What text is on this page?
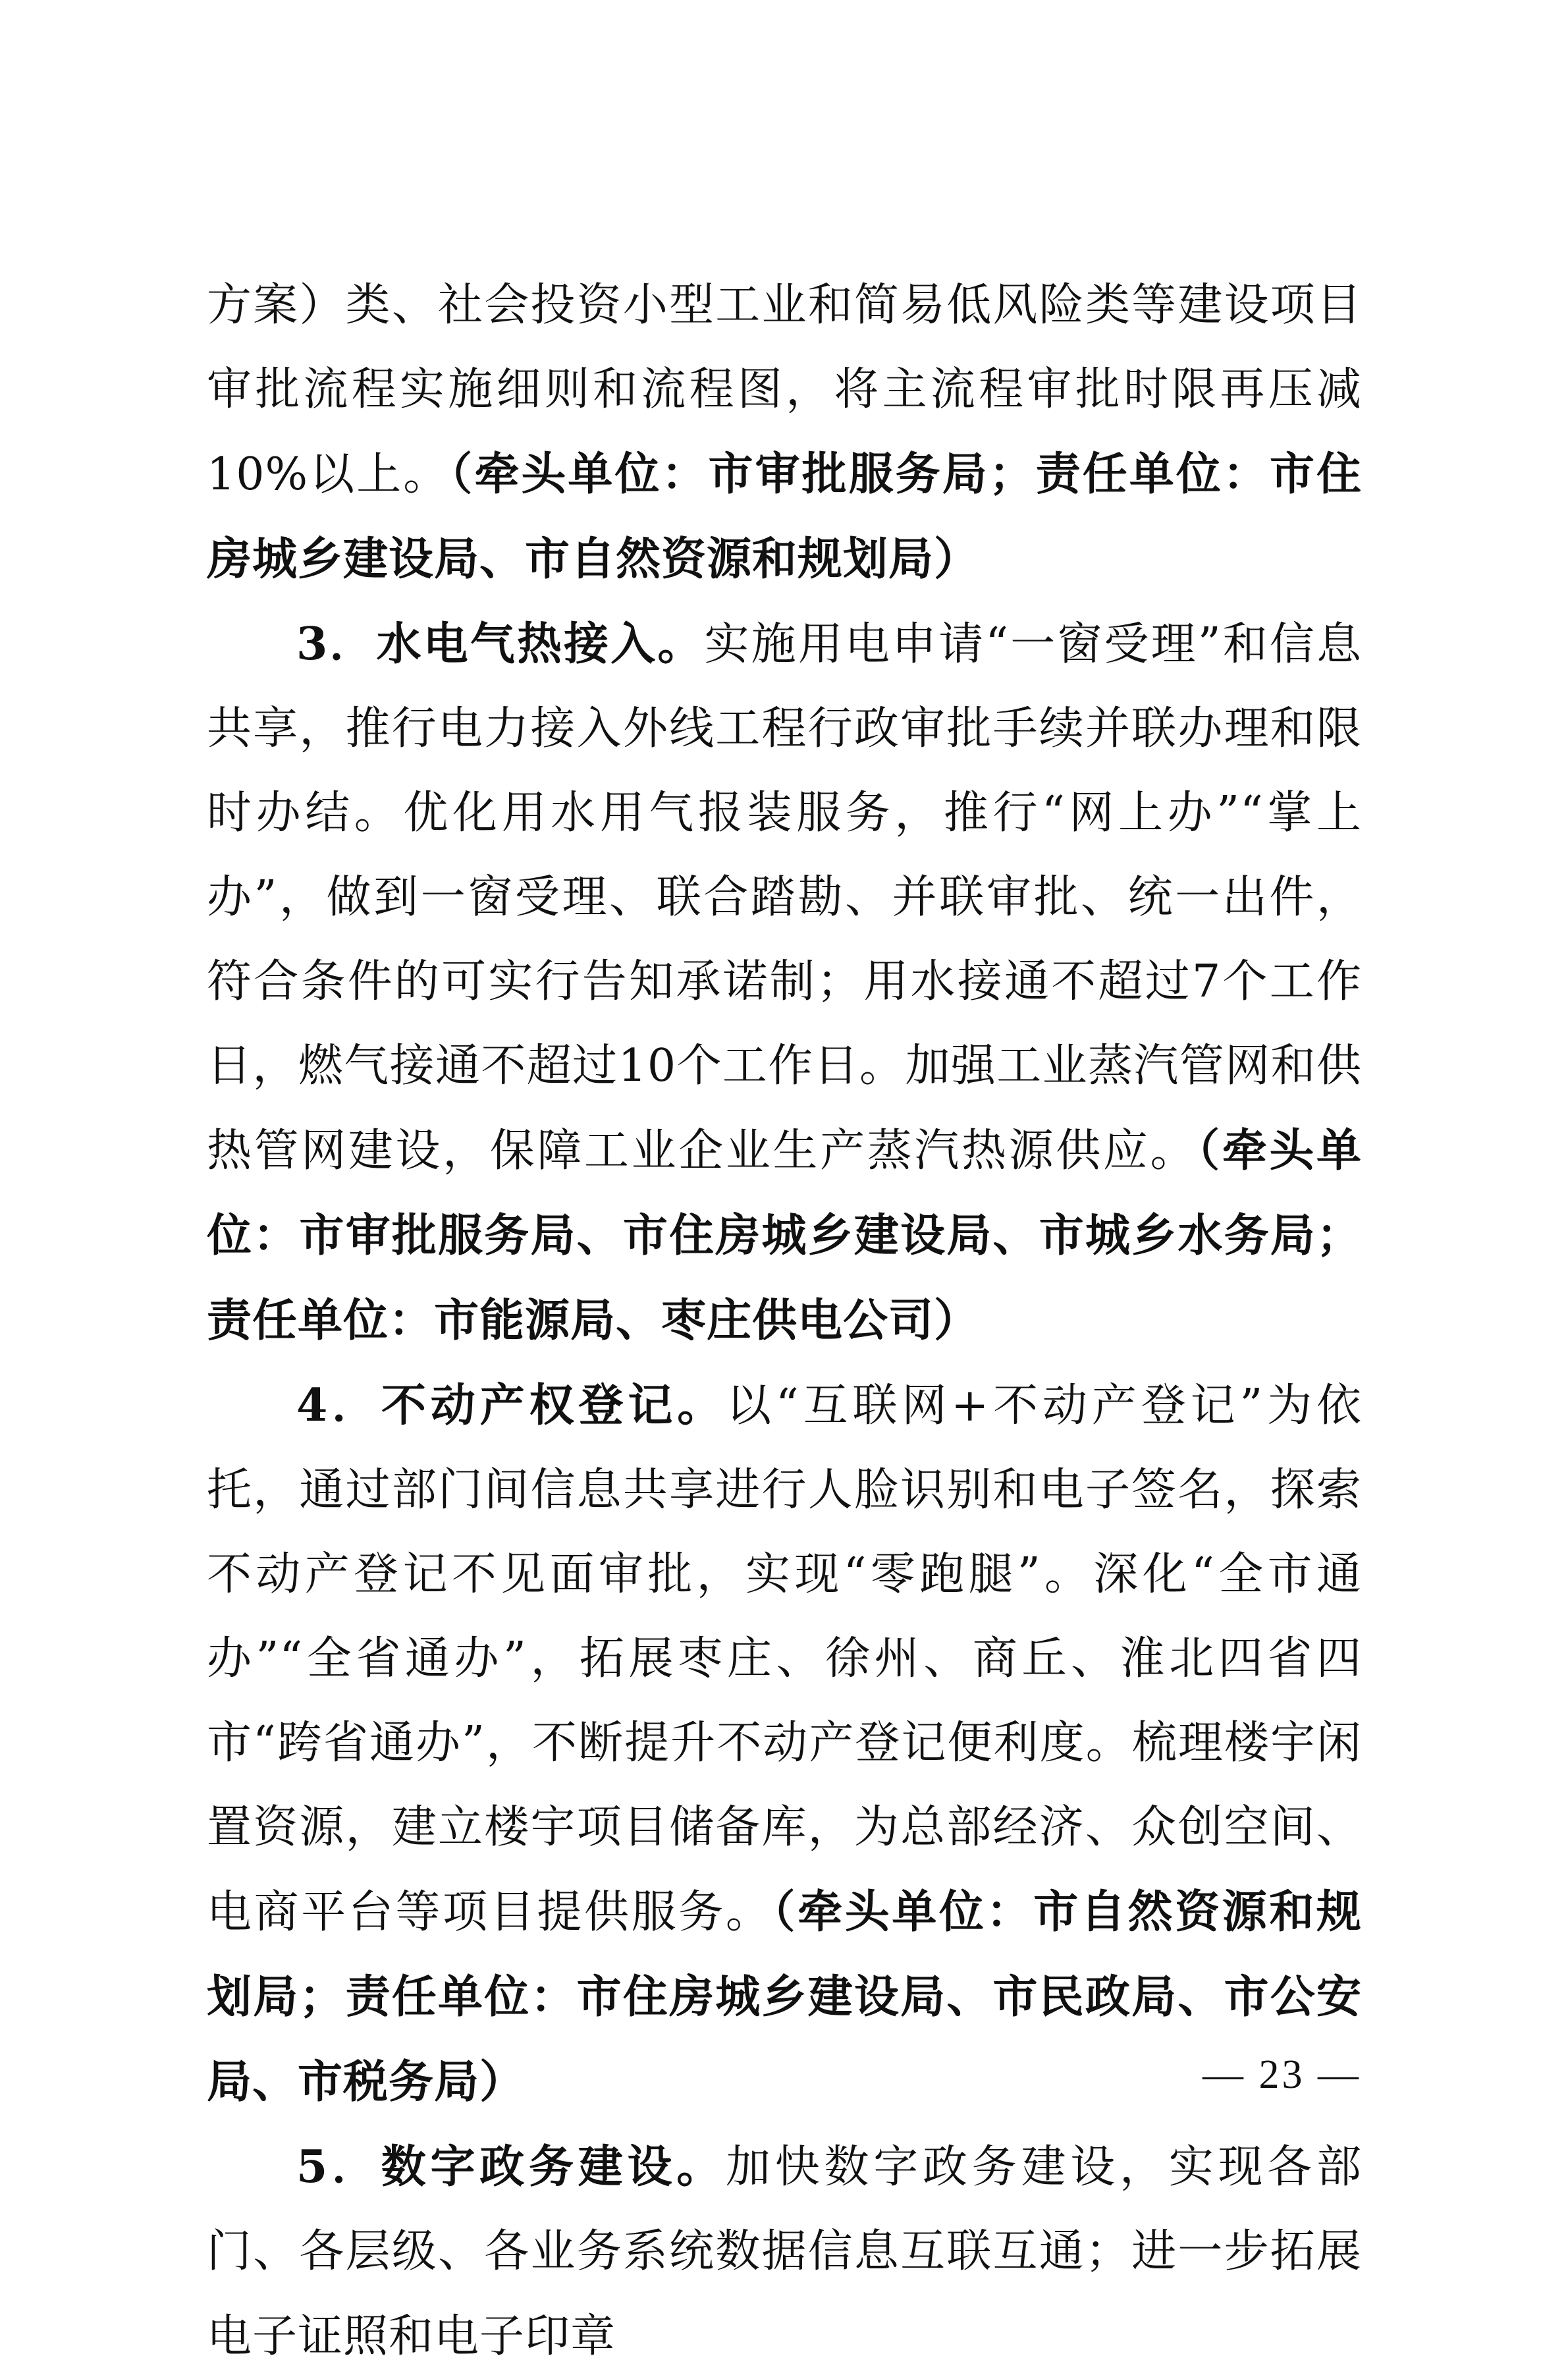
方案）类、社会投资小型工业和简易低风险类等建设项目审批流程实施细则和流程图，将主流程审批时限再压减10%以上。（牵头单位：市审批服务局；责任单位：市住房城乡建设局、市自然资源和规划局）

3．水电气热接入。实施用电申请“一窗受理”和信息共享，推行电力接入外线工程行政审批手续并联办理和限时办结。优化用水用气报装服务，推行“网上办”“掌上办”，做到一窗受理、联合踏勘、并联审批、统一出件，符合条件的可实行告知承诺制；用水接通不超过7个工作日，燃气接通不超过10个工作日。加强工业蒸汽管网和供热管网建设，保障工业企业生产蒸汽热源供应。（牵头单位：市审批服务局、市住房城乡建设局、市城乡水务局；责任单位：市能源局、枣庄供电公司）

4．不动产权登记。以“互联网+不动产登记”为依托，通过部门间信息共享进行人脸识别和电子签名，探索不动产登记不见面审批，实现“零跑腿”。深化“全市通办”“全省通办”，拓展枣庄、徐州、商丘、淮北四省四市“跨省通办”，不断提升不动产登记便利度。梳理楼宇闲置资源，建立楼宇项目储备库，为总部经济、众创空间、电商平台等项目提供服务。（牵头单位：市自然资源和规划局；责任单位：市住房城乡建设局、市民政局、市公安局、市税务局）

5．数字政务建设。加快数字政务建设，实现各部门、各层级、各业务系统数据信息互联互通；进一步拓展电子证照和电子印章

— 23 —
